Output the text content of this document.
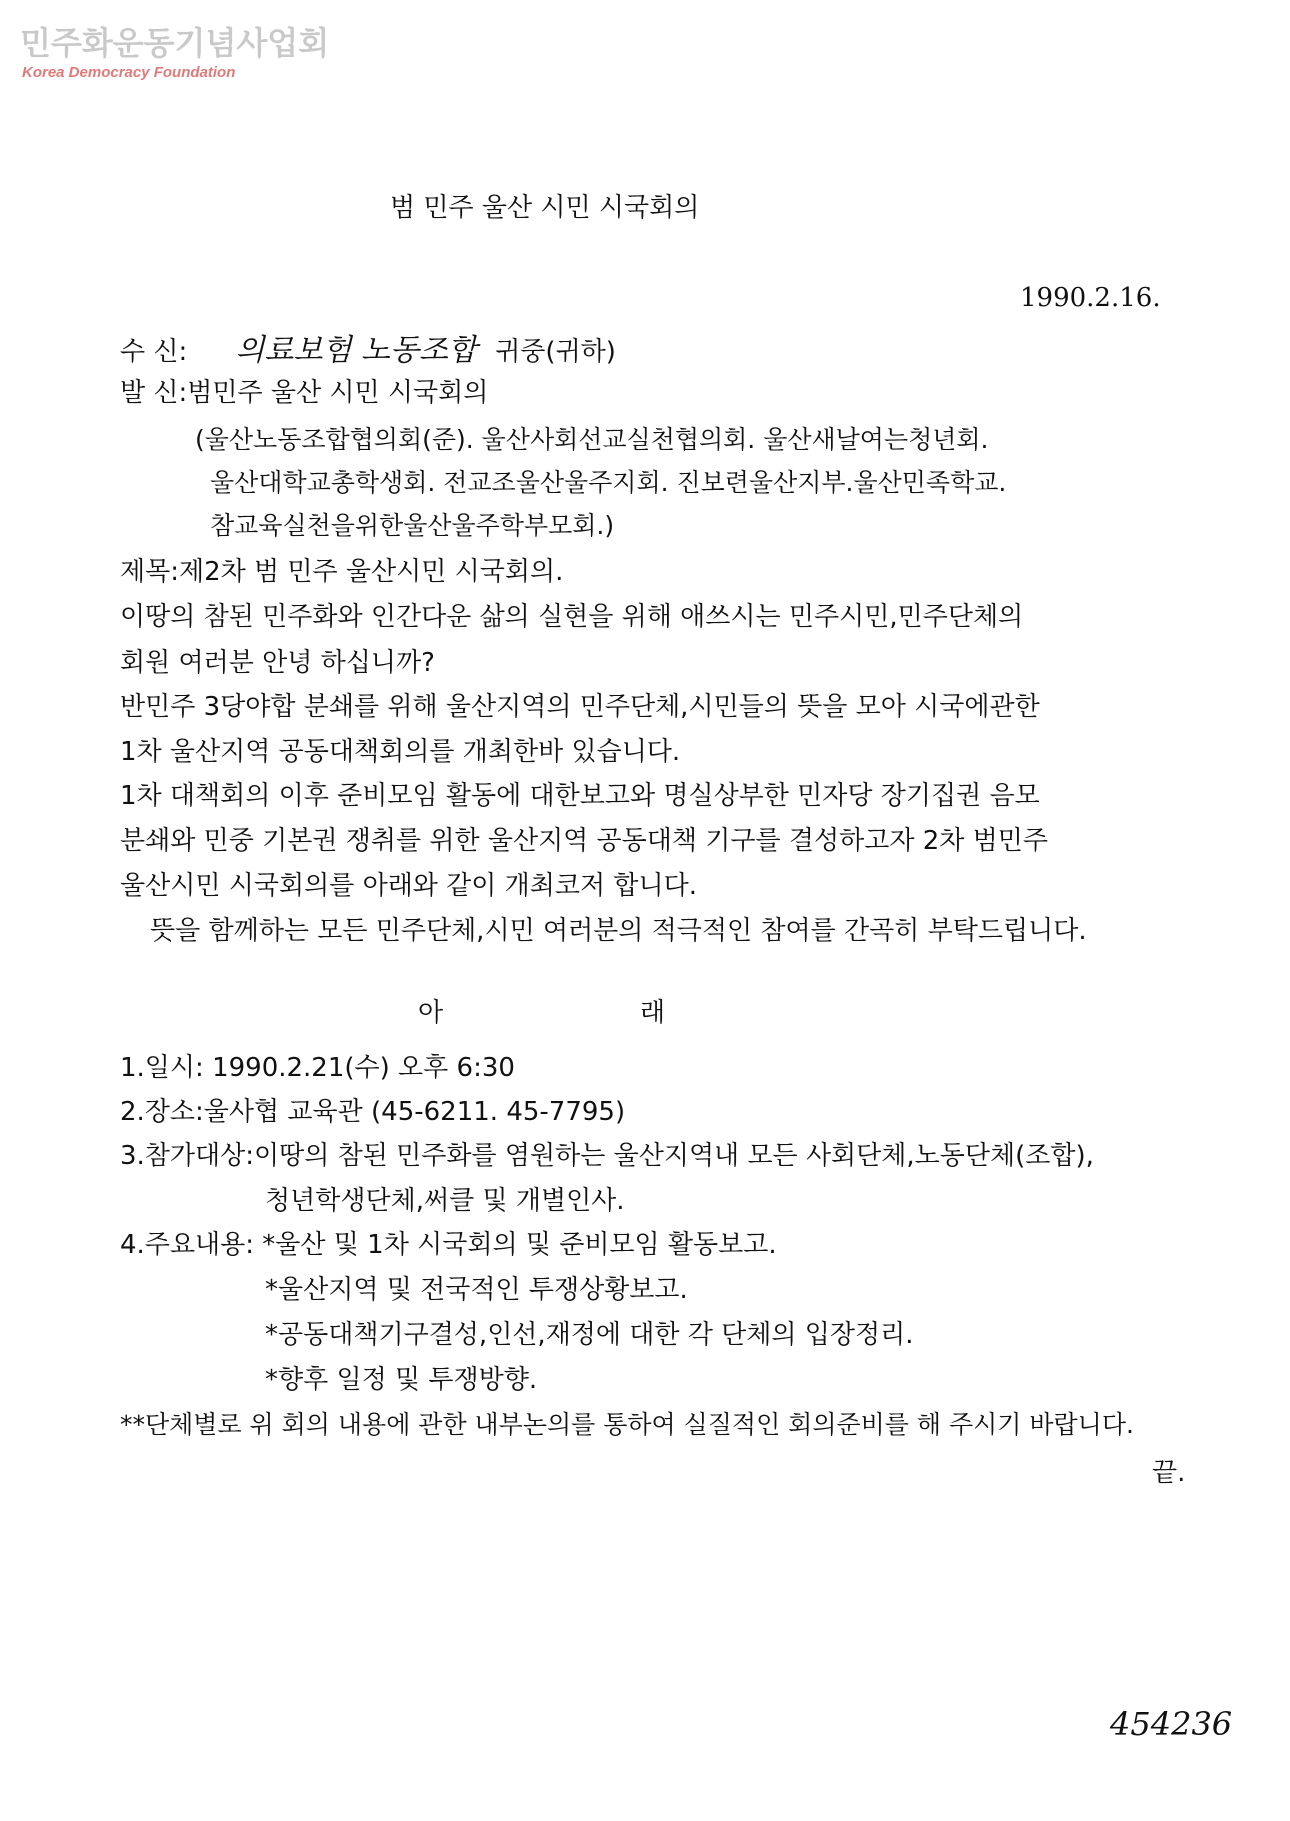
민주화운동기념사업회
Korea Democracy Foundation
범 민주 울산 시민 시국회의
1990.2.16.
수 신: 의료보험 노동조합 귀중(귀하)
발 신:범민주 울산 시민 시국회의
(울산노동조합협의회(준). 울산사회선교실천협의회. 울산새날여는청년회.
울산대학교총학생회. 전교조울산울주지회. 진보련울산지부.울산민족학교.
참교육실천을위한울산울주학부모회.)
제목:제2차 범 민주 울산시민 시국회의.
이땅의 참된 민주화와 인간다운 삶의 실현을 위해 애쓰시는 민주시민,민주단체의
회원 여러분 안녕 하십니까?
반민주 3당야합 분쇄를 위해 울산지역의 민주단체,시민들의 뜻을 모아 시국에관한
1차 울산지역 공동대책회의를 개최한바 있습니다.
1차 대책회의 이후 준비모임 활동에 대한보고와 명실상부한 민자당 장기집권 음모
분쇄와 민중 기본권 쟁취를 위한 울산지역 공동대책 기구를 결성하고자 2차 범민주
울산시민 시국회의를 아래와 같이 개최코저 합니다.
뜻을 함께하는 모든 민주단체,시민 여러분의 적극적인 참여를 간곡히 부탁드립니다.
아	래
1.일시: 1990.2.21(수) 오후 6:30
2.장소:울사협 교육관 (45-6211. 45-7795)
3.참가대상:이땅의 참된 민주화를 염원하는 울산지역내 모든 사회단체,노동단체(조합),
청년학생단체,써클 및 개별인사.
4.주요내용: *울산 및 1차 시국회의 및 준비모임 활동보고.
*울산지역 및 전국적인 투쟁상황보고.
*공동대책기구결성,인선,재정에 대한 각 단체의 입장정리.
*향후 일정 및 투쟁방향.
**단체별로 위 회의 내용에 관한 내부논의를 통하여 실질적인 회의준비를 해 주시기 바랍니다.
끝.
454236
